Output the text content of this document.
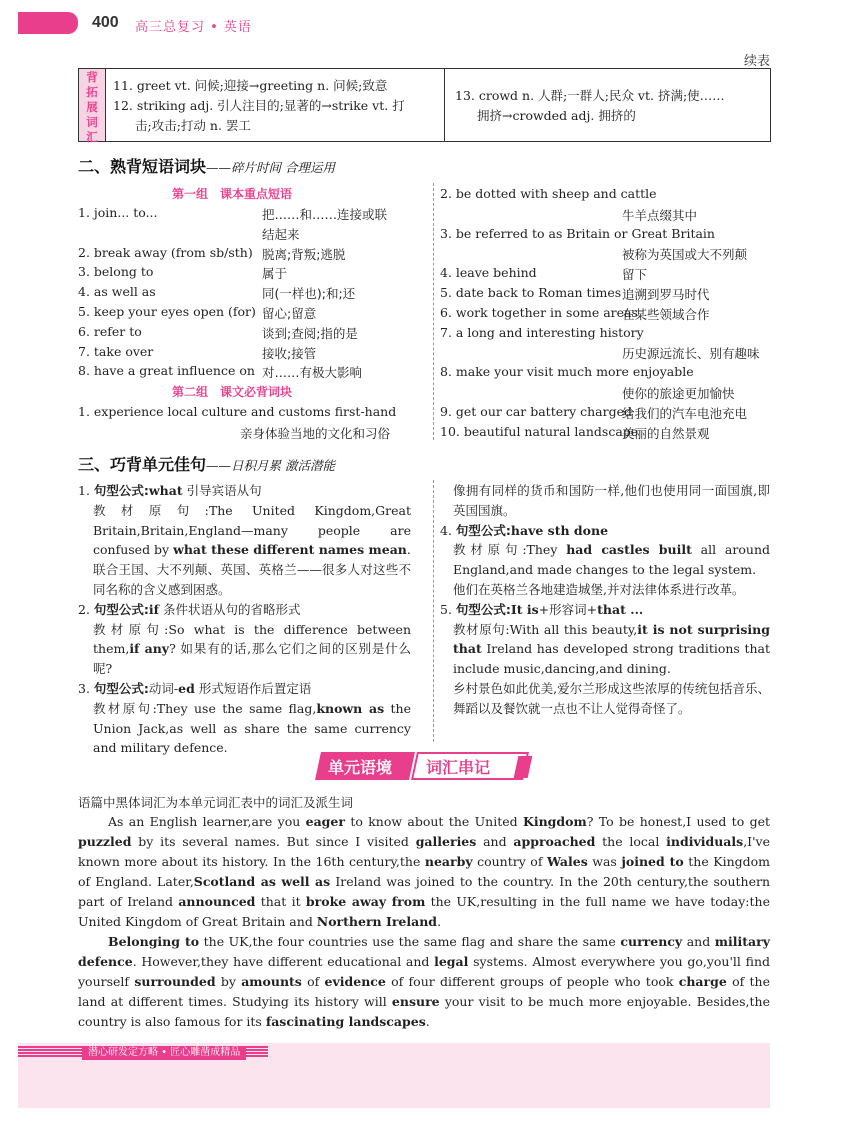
400 高三总复习 • 英语
续表
背
拓
展
词
汇
11. greet vt. 问候;迎接→greeting n. 问候;致意
12. striking adj. 引人注目的;显著的→strike vt. 打
击;攻击;打动 n. 罢工
13. crowd n. 人群;一群人;民众 vt. 挤满;使……
拥挤→crowded adj. 拥挤的
二、熟背短语词块——碎片时间 合理运用
第一组　课本重点短语
1. join... to...	把……和……连接或联
结起来
2. break away (from sb/sth) 脱离;背叛;逃脱
3. belong to	属于
4. as well as	同(一样也);和;还
5. keep your eyes open (for) 留心;留意
6. refer to	谈到;查阅;指的是
7. take over	接收;接管
8. have a great influence on 对……有极大影响
第二组　课文必背词块
1. experience local culture and customs first-hand
亲身体验当地的文化和习俗
2. be dotted with sheep and cattle
牛羊点缀其中
3. be referred to as Britain or Great Britain
被称为英国或大不列颠
4. leave behind	留下
5. date back to Roman times 追溯到罗马时代
6. work together in some areas
在某些领域合作
7. a long and interesting history
历史源远流长、别有趣味
8. make your visit much more enjoyable
使你的旅途更加愉快
9. get our car battery charged
给我们的汽车电池充电
10. beautiful natural landscape
美丽的自然景观
三、巧背单元佳句——日积月累 激活潜能
1. 句型公式:what 引导宾语从句
教材原句:The United Kingdom,Great Britain,Britain,England—many people are confused by what these different names mean.
联合王国、大不列颠、英国、英格兰——很多人对这些不同名称的含义感到困惑。
2. 句型公式:if 条件状语从句的省略形式
教材原句:So what is the difference between them,if any? 如果有的话,那么它们之间的区别是什么呢?
3. 句型公式:动词-ed 形式短语作后置定语
教材原句:They use the same flag,known as the Union Jack,as well as share the same currency and military defence.
像拥有同样的货币和国防一样,他们也使用同一面国旗,即英国国旗。
4. 句型公式:have sth done
教材原句:They had castles built all around England,and made changes to the legal system.
他们在英格兰各地建造城堡,并对法律体系进行改革。
5. 句型公式:It is+形容词+that ...
教材原句:With all this beauty,it is not surprising that Ireland has developed strong traditions that include music,dancing,and dining.
乡村景色如此优美,爱尔兰形成这些浓厚的传统包括音乐、舞蹈以及餐饮就一点也不让人觉得奇怪了。
单元语境 词汇串记
语篇中黑体词汇为本单元词汇表中的词汇及派生词
As an English learner,are you eager to know about the United Kingdom? To be honest,I used to get puzzled by its several names. But since I visited galleries and approached the local individuals,I've known more about its history. In the 16th century,the nearby country of Wales was joined to the Kingdom of England. Later,Scotland as well as Ireland was joined to the country. In the 20th century,the southern part of Ireland announced that it broke away from the UK,resulting in the full name we have today:the United Kingdom of Great Britain and Northern Ireland.
Belonging to the UK,the four countries use the same flag and share the same currency and military defence. However,they have different educational and legal systems. Almost everywhere you go,you'll find yourself surrounded by amounts of evidence of four different groups of people who took charge of the land at different times. Studying its history will ensure your visit to be much more enjoyable. Besides,the country is also famous for its fascinating landscapes.
潜心研发定方略 • 匠心雕凿成精品
